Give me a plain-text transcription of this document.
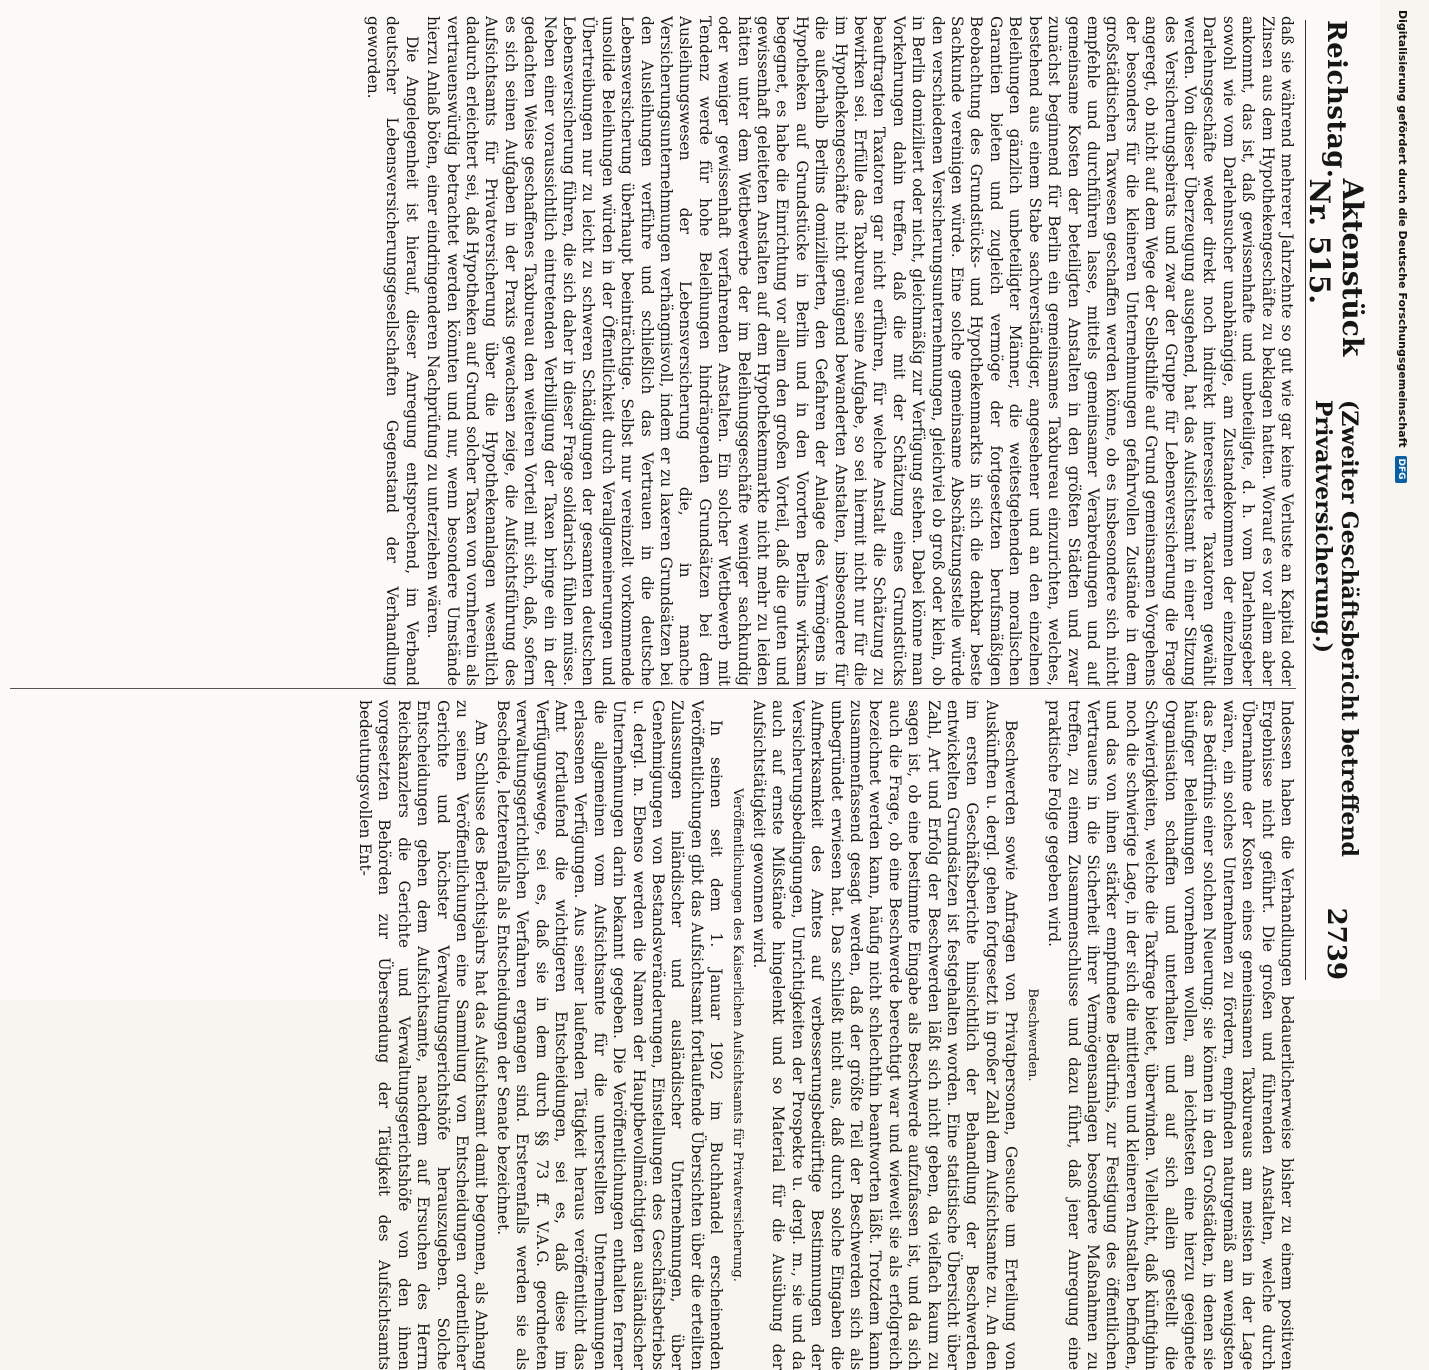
Reichstag.
Aktenstück Nr. 515.
(Zweiter Geschäftsbericht betreffend Privatversicherung.)
2739

daß sie während mehrerer Jahrzehnte so gut wie gar keine Verluste an Kapital oder Zinsen aus dem Hypothekengeschäfte zu beklagen hatten. Worauf es vor allem aber ankommt, das ist, daß gewissenhafte und unbeteiligte, d. h. vom Darlehnsgeber sowohl wie vom Darlehnsucher unabhängige, am Zustandekommen der einzelnen Darlehnsgeschäfte weder direkt noch indirekt interessierte Taxatoren gewählt werden. Von dieser Überzeugung ausgehend, hat das Aufsichtsamt in einer Sitzung des Versicherungsbeirats und zwar der Gruppe für Lebensversicherung die Frage angeregt, ob nicht auf dem Wege der Selbsthilfe auf Grund gemeinsamen Vorgehens der besonders für die kleineren Unternehmungen gefahrvollen Zustände in dem großstädtischen Taxwesen geschaffen werden könne, ob es insbesondere sich nicht empfehle und durchführen lasse, mittels gemeinsamer Verabredungen und auf gemeinsame Kosten der beteiligten Anstalten in den größten Städten und zwar zunächst beginnend für Berlin ein gemeinsames Taxbureau einzurichten, welches, bestehend aus einem Stabe sachverständiger, angesehener und an den einzelnen Beleihungen gänzlich unbeteiligter Männer, die weitestgehenden moralischen Garantien bieten und zugleich vermöge der fortgesetzten berufsmäßigen Beobachtung des Grundstücks- und Hypothekenmarkts in sich die denkbar beste Sachkunde vereinigen würde. Eine solche gemeinsame Abschätzungsstelle würde den verschiedenen Versicherungsunternehmungen, gleichviel ob groß oder klein, ob in Berlin domiziliert oder nicht, gleichmäßig zur Verfügung stehen. Dabei könne man Vorkehrungen dahin treffen, daß die mit der Schätzung eines Grundstücks beauftragten Taxatoren gar nicht erführen, für welche Anstalt die Schätzung zu bewirken sei. Erfülle das Taxbureau seine Aufgabe, so sei hiermit nicht nur für die im Hypothekengeschäfte nicht genügend bewanderten Anstalten, insbesondere für die außerhalb Berlins domizilierten, den Gefahren der Anlage des Vermögens in Hypotheken auf Grundstücke in Berlin und in den Vororten Berlins wirksam begegnet, es habe die Einrichtung vor allem den großen Vorteil, daß die guten und gewissenhaft geleiteten Anstalten auf dem Hypothekenmarkte nicht mehr zu leiden hätten unter dem Wettbewerbe der im Beleihungsgeschäfte weniger sachkundig oder weniger gewissenhaft verfahrenden Anstalten. Ein solcher Wettbewerb mit Tendenz werde für hohe Beleihungen hindrängenden Grundsätzen bei dem Ausleihungswesen der Lebensversicherung die, in manche Versicherungsunternehmungen verhängnisvoll, indem er zu laxeren Grundsätzen bei den Ausleihungen verführe und schließlich das Vertrauen in die deutsche Lebensversicherung überhaupt beeinträchtige. Selbst nur vereinzelt vorkommende unsolide Beleihungen würden in der Öffentlichkeit durch Verallgemeinerungen und Übertreibungen nur zu leicht zu schweren Schädigungen der gesamten deutschen Lebensversicherung führen, die sich daher in dieser Frage solidarisch fühlen müsse. Neben einer voraussichtlich eintretenden Verbilligung der Taxen bringe ein in der gedachten Weise geschaffenes Taxbureau den weiteren Vorteil mit sich, daß, sofern es sich seinen Aufgaben in der Praxis gewachsen zeige, die Aufsichtsführung des Aufsichtsamts für Privatversicherung über die Hypothekenanlagen wesentlich dadurch erleichtert sei, daß Hypotheken auf Grund solcher Taxen von vornherein als vertrauenswürdig betrachtet werden könnten und nur, wenn besondere Umstände hierzu Anlaß böten, einer eindringenderen Nachprüfung zu unterziehen wären.

Die Angelegenheit ist hierauf, dieser Anregung entsprechend, im Verband deutscher Lebensversicherungsgesellschaften Gegenstand der Verhandlung geworden.

Indessen haben die Verhandlungen bedauerlicherweise bisher zu einem positiven Ergebnisse nicht geführt. Die großen und führenden Anstalten, welche durch Übernahme der Kosten eines gemeinsamen Taxbureaus am meisten in der Lage wären, ein solches Unternehmen zu fördern, empfinden naturgemäß am wenigsten das Bedürfnis einer solchen Neuerung; sie können in den Großstädten, in denen sie häufiger Beleihungen vornehmen wollen, am leichtesten eine hierzu geeignete Organisation schaffen und unterhalten und auf sich allein gestellt die Schwierigkeiten, welche die Taxfrage bietet, überwinden. Vielleicht, daß künftighin noch die schwierige Lage, in der sich die mittleren und kleineren Anstalten befinden, und das von ihnen stärker empfundene Bedürfnis, zur Festigung des öffentlichen Vertrauens in die Sicherheit ihrer Vermögensanlagen besondere Maßnahmen zu treffen, zu einem Zusammenschlusse und dazu führt, daß jener Anregung eine praktische Folge gegeben wird.

Beschwerden.

Beschwerden sowie Anfragen von Privatpersonen, Gesuche um Erteilung von Auskünften u. dergl. gehen fortgesetzt in großer Zahl dem Aufsichtsamte zu. An den im ersten Geschäftsberichte hinsichtlich der Behandlung der Beschwerden entwickelten Grundsätzen ist festgehalten worden. Eine statistische Übersicht über Zahl, Art und Erfolg der Beschwerden läßt sich nicht geben, da vielfach kaum zu sagen ist, ob eine bestimmte Eingabe als Beschwerde aufzufassen ist, und da sich auch die Frage, ob eine Beschwerde berechtigt war und wieweit sie als erfolgreich bezeichnet werden kann, häufig nicht schlechthin beantworten läßt. Trotzdem kann zusammenfassend gesagt werden, daß der größte Teil der Beschwerden sich als unbegründet erwiesen hat. Das schließt nicht aus, daß durch solche Eingaben die Aufmerksamkeit des Amtes auf verbesserungsbedürftige Bestimmungen der Versicherungsbedingungen, Unrichtigkeiten der Prospekte u. dergl. m., sie und da auch auf ernste Mißstände hingelenkt und so Material für die Ausübung der Aufsichtstätigkeit gewonnen wird.

Veröffentlichungen des Kaiserlichen Aufsichtsamts für Privatversicherung.

In seinen seit dem 1. Januar 1902 im Buchhandel erscheinenden Veröffentlichungen gibt das Aufsichtsamt fortlaufende Übersichten über die erteilten Zulassungen inländischer und ausländischer Unternehmungen, über Genehmigungen von Bestandsveränderungen, Einstellungen des Geschäftsbetriebs u. dergl. m. Ebenso werden die Namen der Hauptbevollmächtigten ausländischer Unternehmungen darin bekannt gegeben. Die Veröffentlichungen enthalten ferner die allgemeinen vom Aufsichtsamte für die unterstellten Unternehmungen erlassenen Verfügungen. Aus seiner laufenden Tätigkeit heraus veröffentlicht das Amt fortlaufend die wichtigeren Entscheidungen, sei es, daß diese im Verfügungswege, sei es, daß sie in dem durch §§ 73 ff. V.A.G. geordneten verwaltungsgerichtlichen Verfahren ergangen sind. Ersterenfalls werden sie als Bescheide, letzterenfalls als Entscheidungen der Senate bezeichnet.

Am Schlusse des Berichtsjahrs hat das Aufsichtsamt damit begonnen, als Anhang zu seinen Veröffentlichungen eine Sammlung von Entscheidungen ordentlicher Gerichte und höchster Verwaltungsgerichtshöfe herauszugeben. Solche Entscheidungen gehen dem Aufsichtsamte, nachdem auf Ersuchen des Herrn Reichskanzlers die Gerichte und Verwaltungsgerichtshöfe von den ihnen vorgesetzten Behörden zur Übersendung der Tätigkeit des Aufsichtsamts bedeutungsvollen Ent-

Digitalisierung gefördert durch die Deutsche Forschungsgemeinschaft DFG
